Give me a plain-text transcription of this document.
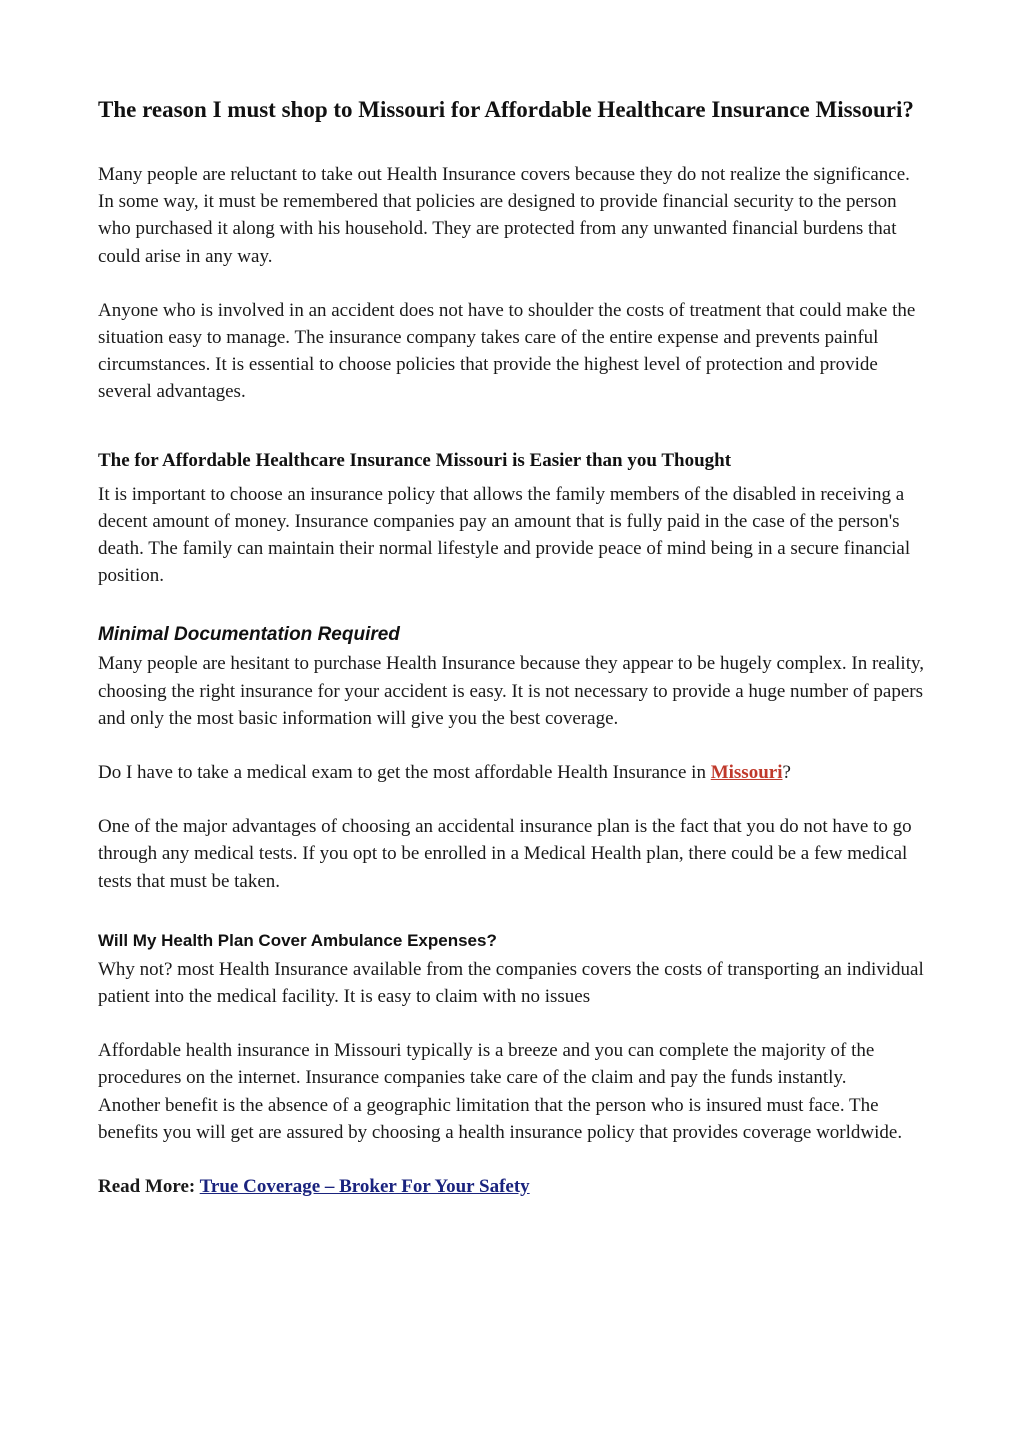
The reason I must shop to Missouri for Affordable Healthcare Insurance Missouri?

Many people are reluctant to take out Health Insurance covers because they do not realize the significance. In some way, it must be remembered that policies are designed to provide financial security to the person who purchased it along with his household. They are protected from any unwanted financial burdens that could arise in any way.

Anyone who is involved in an accident does not have to shoulder the costs of treatment that could make the situation easy to manage. The insurance company takes care of the entire expense and prevents painful circumstances. It is essential to choose policies that provide the highest level of protection and provide several advantages.

The for Affordable Healthcare Insurance Missouri is Easier than you Thought

It is important to choose an insurance policy that allows the family members of the disabled in receiving a decent amount of money. Insurance companies pay an amount that is fully paid in the case of the person's death. The family can maintain their normal lifestyle and provide peace of mind being in a secure financial position.

Minimal Documentation Required

Many people are hesitant to purchase Health Insurance because they appear to be hugely complex. In reality, choosing the right insurance for your accident is easy. It is not necessary to provide a huge number of papers and only the most basic information will give you the best coverage.

Do I have to take a medical exam to get the most affordable Health Insurance in Missouri?

One of the major advantages of choosing an accidental insurance plan is the fact that you do not have to go through any medical tests. If you opt to be enrolled in a Medical Health plan, there could be a few medical tests that must be taken.

Will My Health Plan Cover Ambulance Expenses?

Why not? most Health Insurance available from the companies covers the costs of transporting an individual patient into the medical facility. It is easy to claim with no issues

Affordable health insurance in Missouri typically is a breeze and you can complete the majority of the procedures on the internet. Insurance companies take care of the claim and pay the funds instantly.

Another benefit is the absence of a geographic limitation that the person who is insured must face. The benefits you will get are assured by choosing a health insurance policy that provides coverage worldwide.

Read More: True Coverage – Broker For Your Safety
